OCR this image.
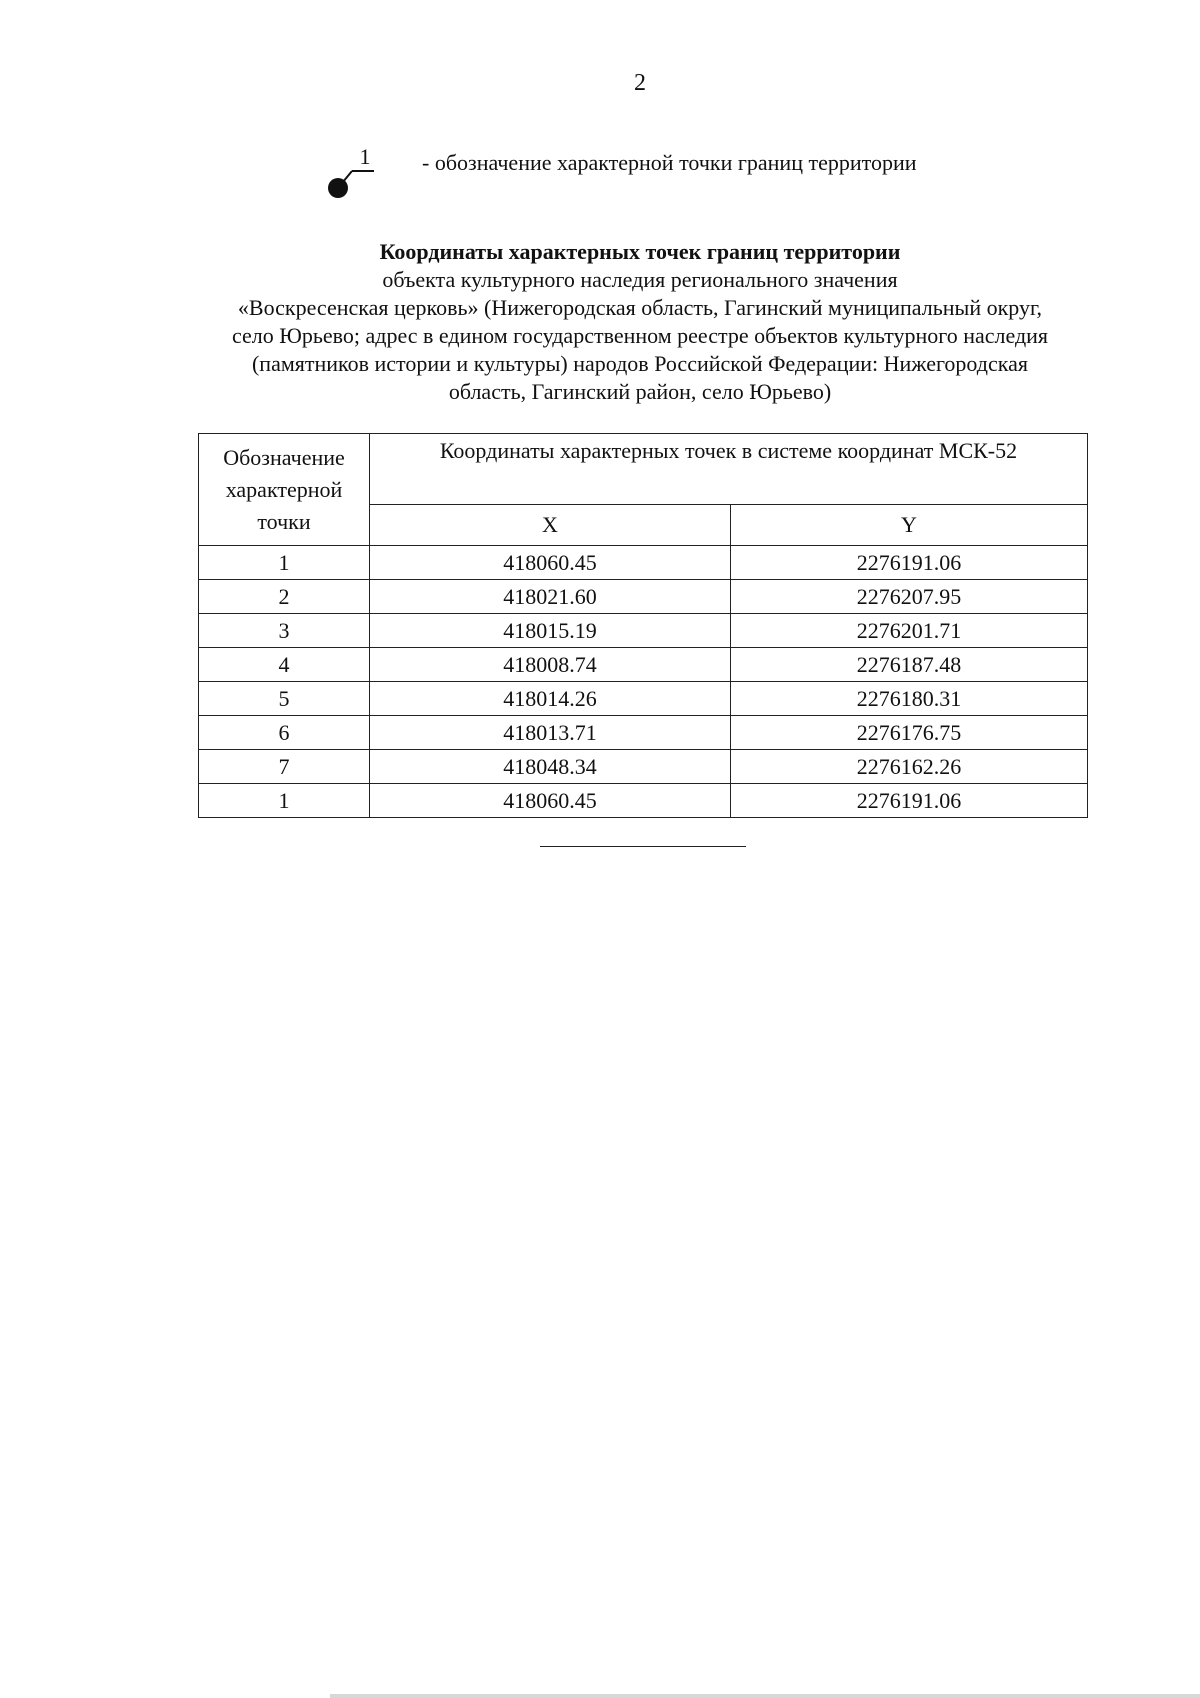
2
1 - обозначение характерной точки границ территории
Координаты характерных точек границ территории
объекта культурного наследия регионального значения
«Воскресенская церковь» (Нижегородская область, Гагинский муниципальный округ,
село Юрьево; адрес в едином государственном реестре объектов культурного наследия
(памятников истории и культуры) народов Российской Федерации: Нижегородская
область, Гагинский район, село Юрьево)
Обозначение характерной точки	Координаты характерных точек в системе координат МСК-52	
	X	Y
1	418060.45	2276191.06
2	418021.60	2276207.95
3	418015.19	2276201.71
4	418008.74	2276187.48
5	418014.26	2276180.31
6	418013.71	2276176.75
7	418048.34	2276162.26
1	418060.45	2276191.06
